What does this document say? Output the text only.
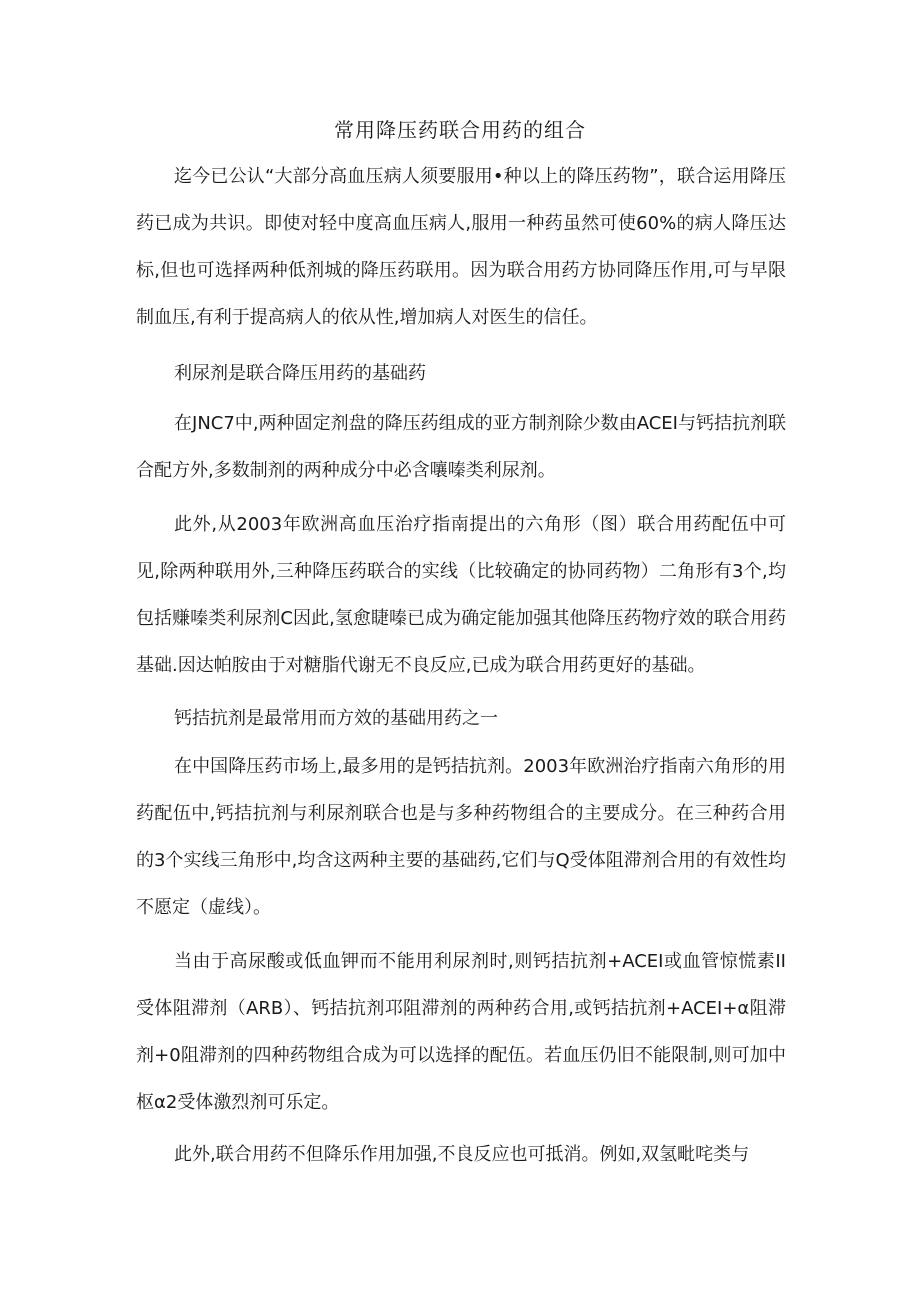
常用降压药联合用药的组合

迄今已公认“大部分高血压病人须要服用•种以上的降压药物”，联合运用降压药已成为共识。即使对轻中度高血压病人,服用一种药虽然可使60%的病人降压达标,但也可选择两种低剂城的降压药联用。因为联合用药方协同降压作用,可与早限制血压,有利于提高病人的依从性,增加病人对医生的信任。

利尿剂是联合降压用药的基础药

在JNC7中,两种固定剂盘的降压药组成的亚方制剂除少数由ACEI与钙拮抗剂联合配方外,多数制剂的两种成分中必含嚷嗪类利尿剂。

此外,从2003年欧洲高血压治疗指南提出的六角形（图）联合用药配伍中可见,除两种联用外,三种降压药联合的实线（比较确定的协同药物）二角形有3个,均包括赚嗪类利尿剂C因此,氢愈睫嗪已成为确定能加强其他降压药物疗效的联合用药基础.因达帕胺由于对糖脂代谢无不良反应,已成为联合用药更好的基础。

钙拮抗剂是最常用而方效的基础用药之一

在中国降压药市场上,最多用的是钙拮抗剂。2003年欧洲治疗指南六角形的用药配伍中,钙拮抗剂与利尿剂联合也是与多种药物组合的主要成分。在三种药合用的3个实线三角形中,均含这两种主要的基础药,它们与Q受体阻滞剂合用的有效性均不愿定（虚线）。

当由于高尿酸或低血钾而不能用利尿剂时,则钙拮抗剂+ACEI或血管惊慌素II受体阻滞剂（ARB）、钙拮抗剂邛阻滞剂的两种药合用,或钙拮抗剂+ACEI+α阻滞剂+0阻滞剂的四种药物组合成为可以选择的配伍。若血压仍旧不能限制,则可加中枢α2受体激烈剂可乐定。

此外,联合用药不但降乐作用加强,不良反应也可抵消。例如,双氢毗咤类与
